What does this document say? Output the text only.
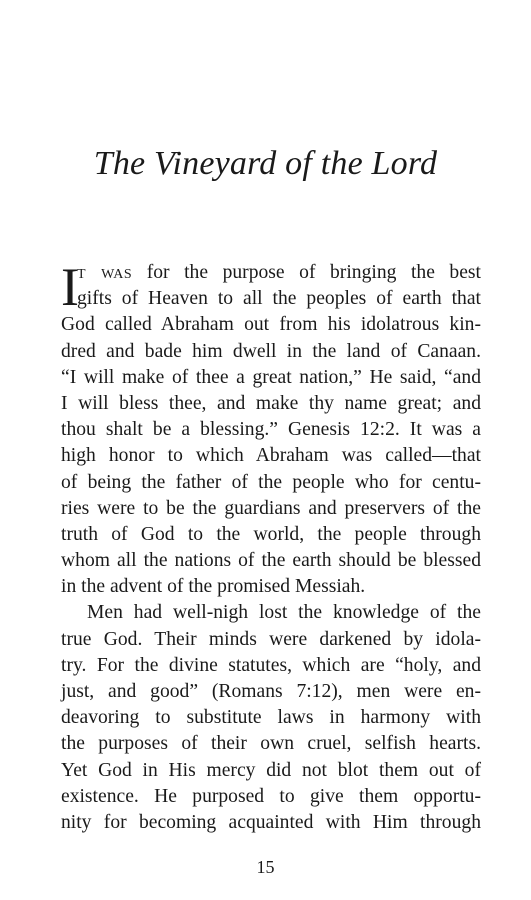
The Vineyard of the Lord
I
t was for the purpose of bringing the best
gifts of Heaven to all the peoples of earth that
God called Abraham out from his idolatrous kin-
dred and bade him dwell in the land of Canaan.
“I will make of thee a great nation,” He said, “and
I will bless thee, and make thy name great; and
thou shalt be a blessing.” Genesis 12:2. It was a
high honor to which Abraham was called—that
of being the father of the people who for centu-
ries were to be the guardians and preservers of the
truth of God to the world, the people through
whom all the nations of the earth should be blessed
in the advent of the promised Messiah.
Men had well-nigh lost the knowledge of the
true God. Their minds were darkened by idola-
try. For the divine statutes, which are “holy, and
just, and good” (Romans 7:12), men were en-
deavoring to substitute laws in harmony with
the purposes of their own cruel, selfish hearts.
Yet God in His mercy did not blot them out of
existence. He purposed to give them opportu-
nity for becoming acquainted with Him through
15
